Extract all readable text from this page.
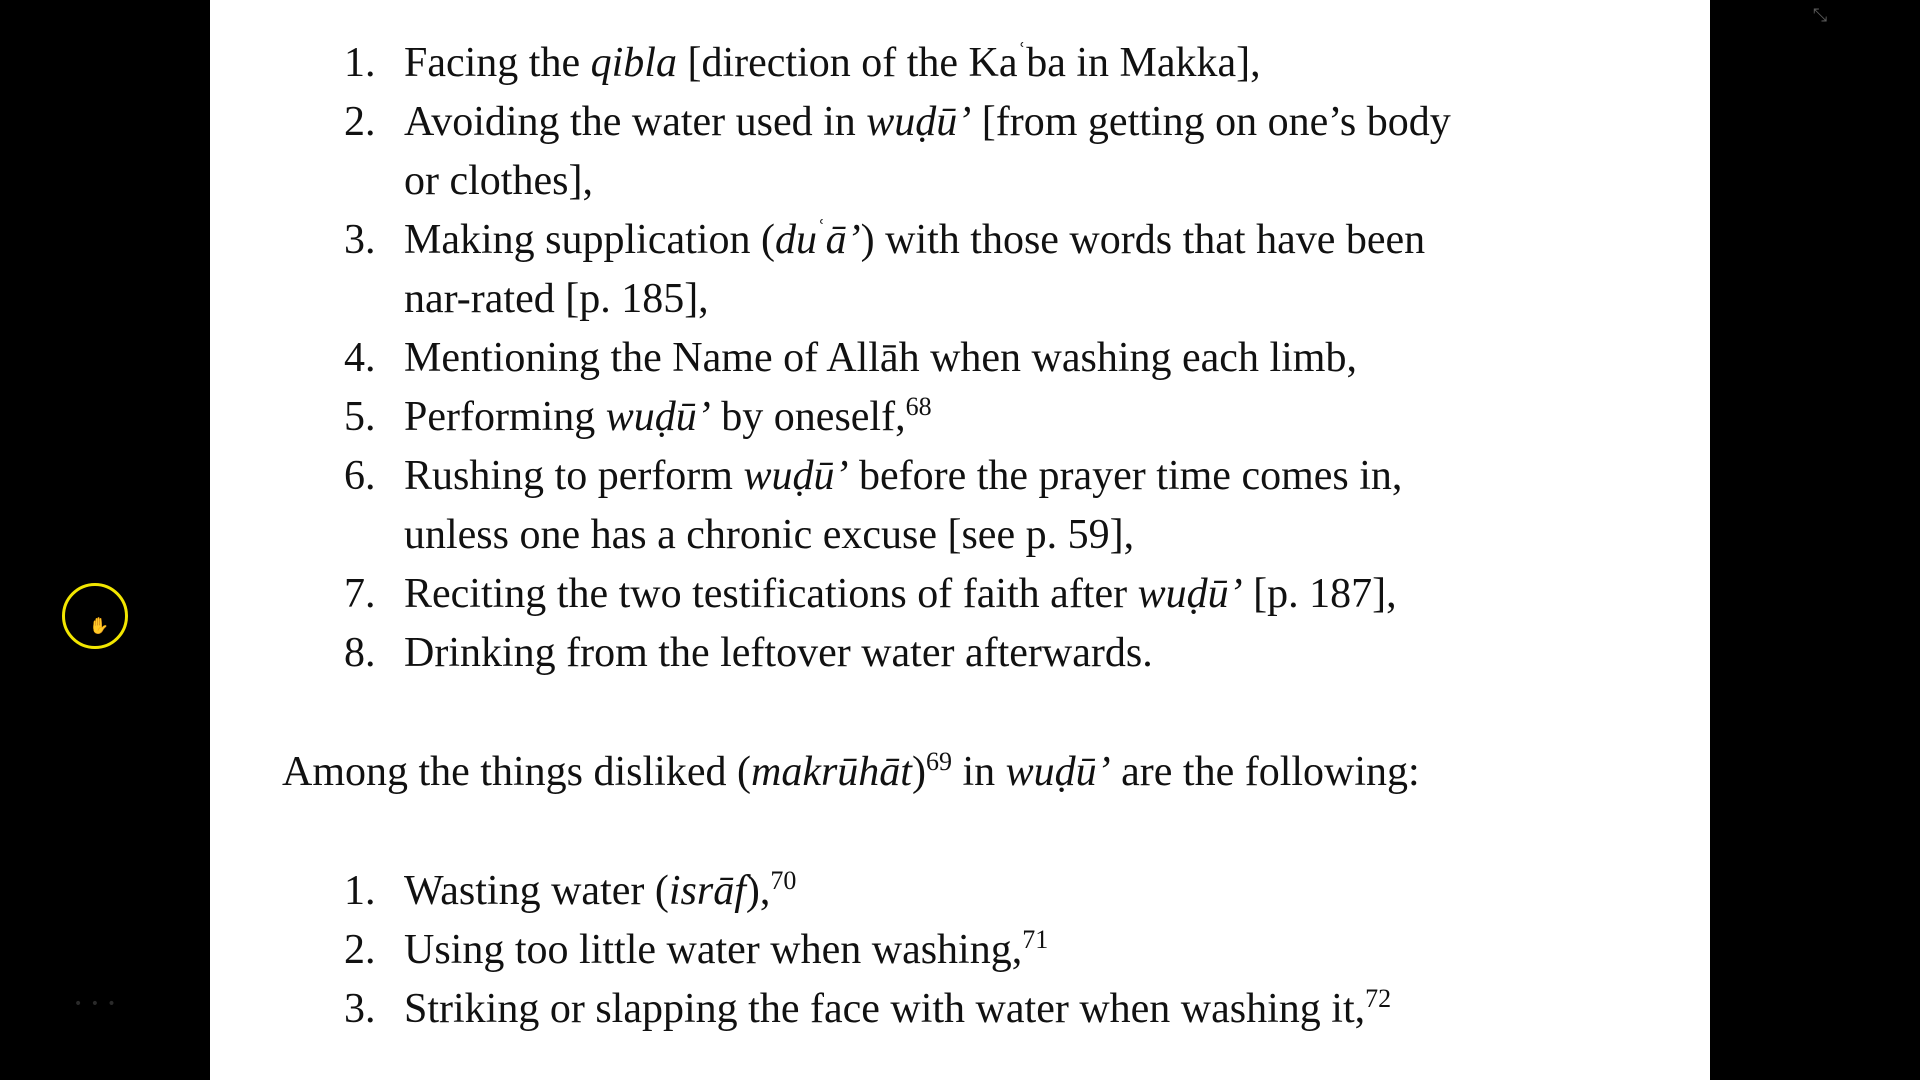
1. Facing the qibla [direction of the $Ka^ʿba$ in Makka],
2. Avoiding the water used in wuḍū’ [from getting on one’s body or clothes],
3. Making supplication $(du^ʿā’)$ with those words that have been nar-rated [p. 185],
4. Mentioning the Name of Allāh when washing each limb,
5. Performing wuḍū’ by oneself,$^{68}$
6. Rushing to perform wuḍū’ before the prayer time comes in, unless one has a chronic excuse [see p. 59],
7. Reciting the two testifications of faith after wuḍū’ [p. 187],
8. Drinking from the leftover water afterwards.

Among the things disliked (makrūhāt)$^{69}$ in wuḍū’ are the following:

1. Wasting water (isrāf),$^{70}$
2. Using too little water when washing,$^{71}$
3. Striking or slapping the face with water when washing it,$^{72}$
✋
⤡
• • •
